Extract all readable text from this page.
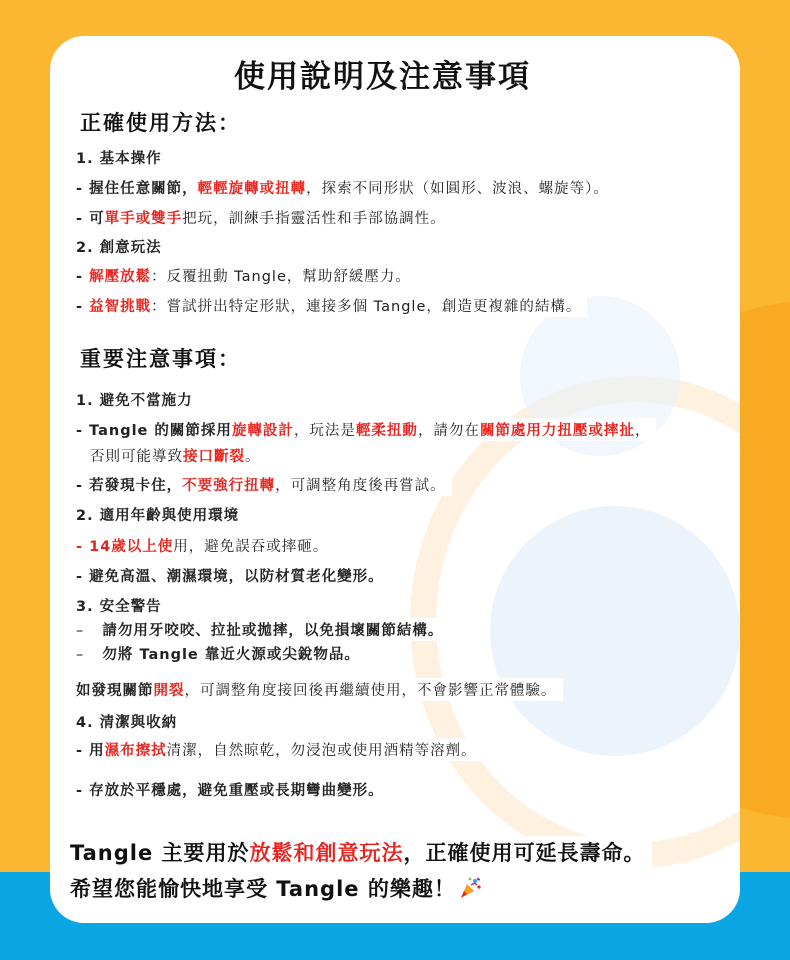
使用說明及注意事項
正確使用方法：
1. 基本操作
- 握住任意關節，輕輕旋轉或扭轉，探索不同形狀（如圓形、波浪、螺旋等）。
- 可單手或雙手把玩，訓練手指靈活性和手部協調性。
2. 創意玩法
- 解壓放鬆：反覆扭動 Tangle，幫助舒緩壓力。
- 益智挑戰：嘗試拼出特定形狀，連接多個 Tangle，創造更複雜的結構。
重要注意事項：
1. 避免不當施力
- Tangle 的關節採用旋轉設計，玩法是輕柔扭動，請勿在關節處用力扭壓或摔扯，
否則可能導致接口斷裂。
- 若發現卡住，不要強行扭轉，可調整角度後再嘗試。
2. 適用年齡與使用環境
- 14歲以上使用，避免誤吞或摔砸。
- 避免高溫、潮濕環境，以防材質老化變形。
3. 安全警告
– 請勿用牙咬咬、拉扯或拋摔，以免損壞關節結構。
– 勿將 Tangle 靠近火源或尖銳物品。
如發現關節開裂，可調整角度接回後再繼續使用，不會影響正常體驗。
4. 清潔與收納
- 用濕布擦拭清潔，自然晾乾，勿浸泡或使用酒精等溶劑。
- 存放於平穩處，避免重壓或長期彎曲變形。
Tangle 主要用於放鬆和創意玩法，正確使用可延長壽命。
希望您能愉快地享受 Tangle 的樂趣！
